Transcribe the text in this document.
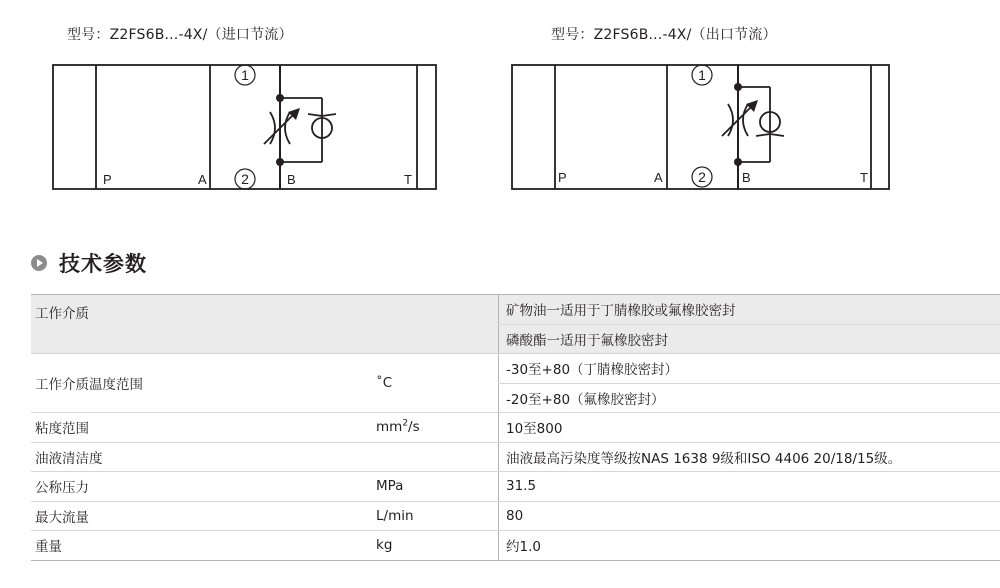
型号：Z2FS6B...-4X/（进口节流）	型号：Z2FS6B...-4X/（出口节流）
1
2
P	A	B	T
1
2
P	A	B	T
技术参数
工作介质		矿物油一适用于丁腈橡胶或氟橡胶密封
		磷酸酯一适用于氟橡胶密封
工作介质温度范围	˚C	-30至+80（丁腈橡胶密封）
		-20至+80（氟橡胶密封）
粘度范围	$mm^2/s$	10至800
油液清洁度		油液最高污染度等级按NAS 1638 9级和ISO 4406 20/18/15级。
公称压力	MPa	31.5
最大流量	L/min	80
重量	kg	约1.0
